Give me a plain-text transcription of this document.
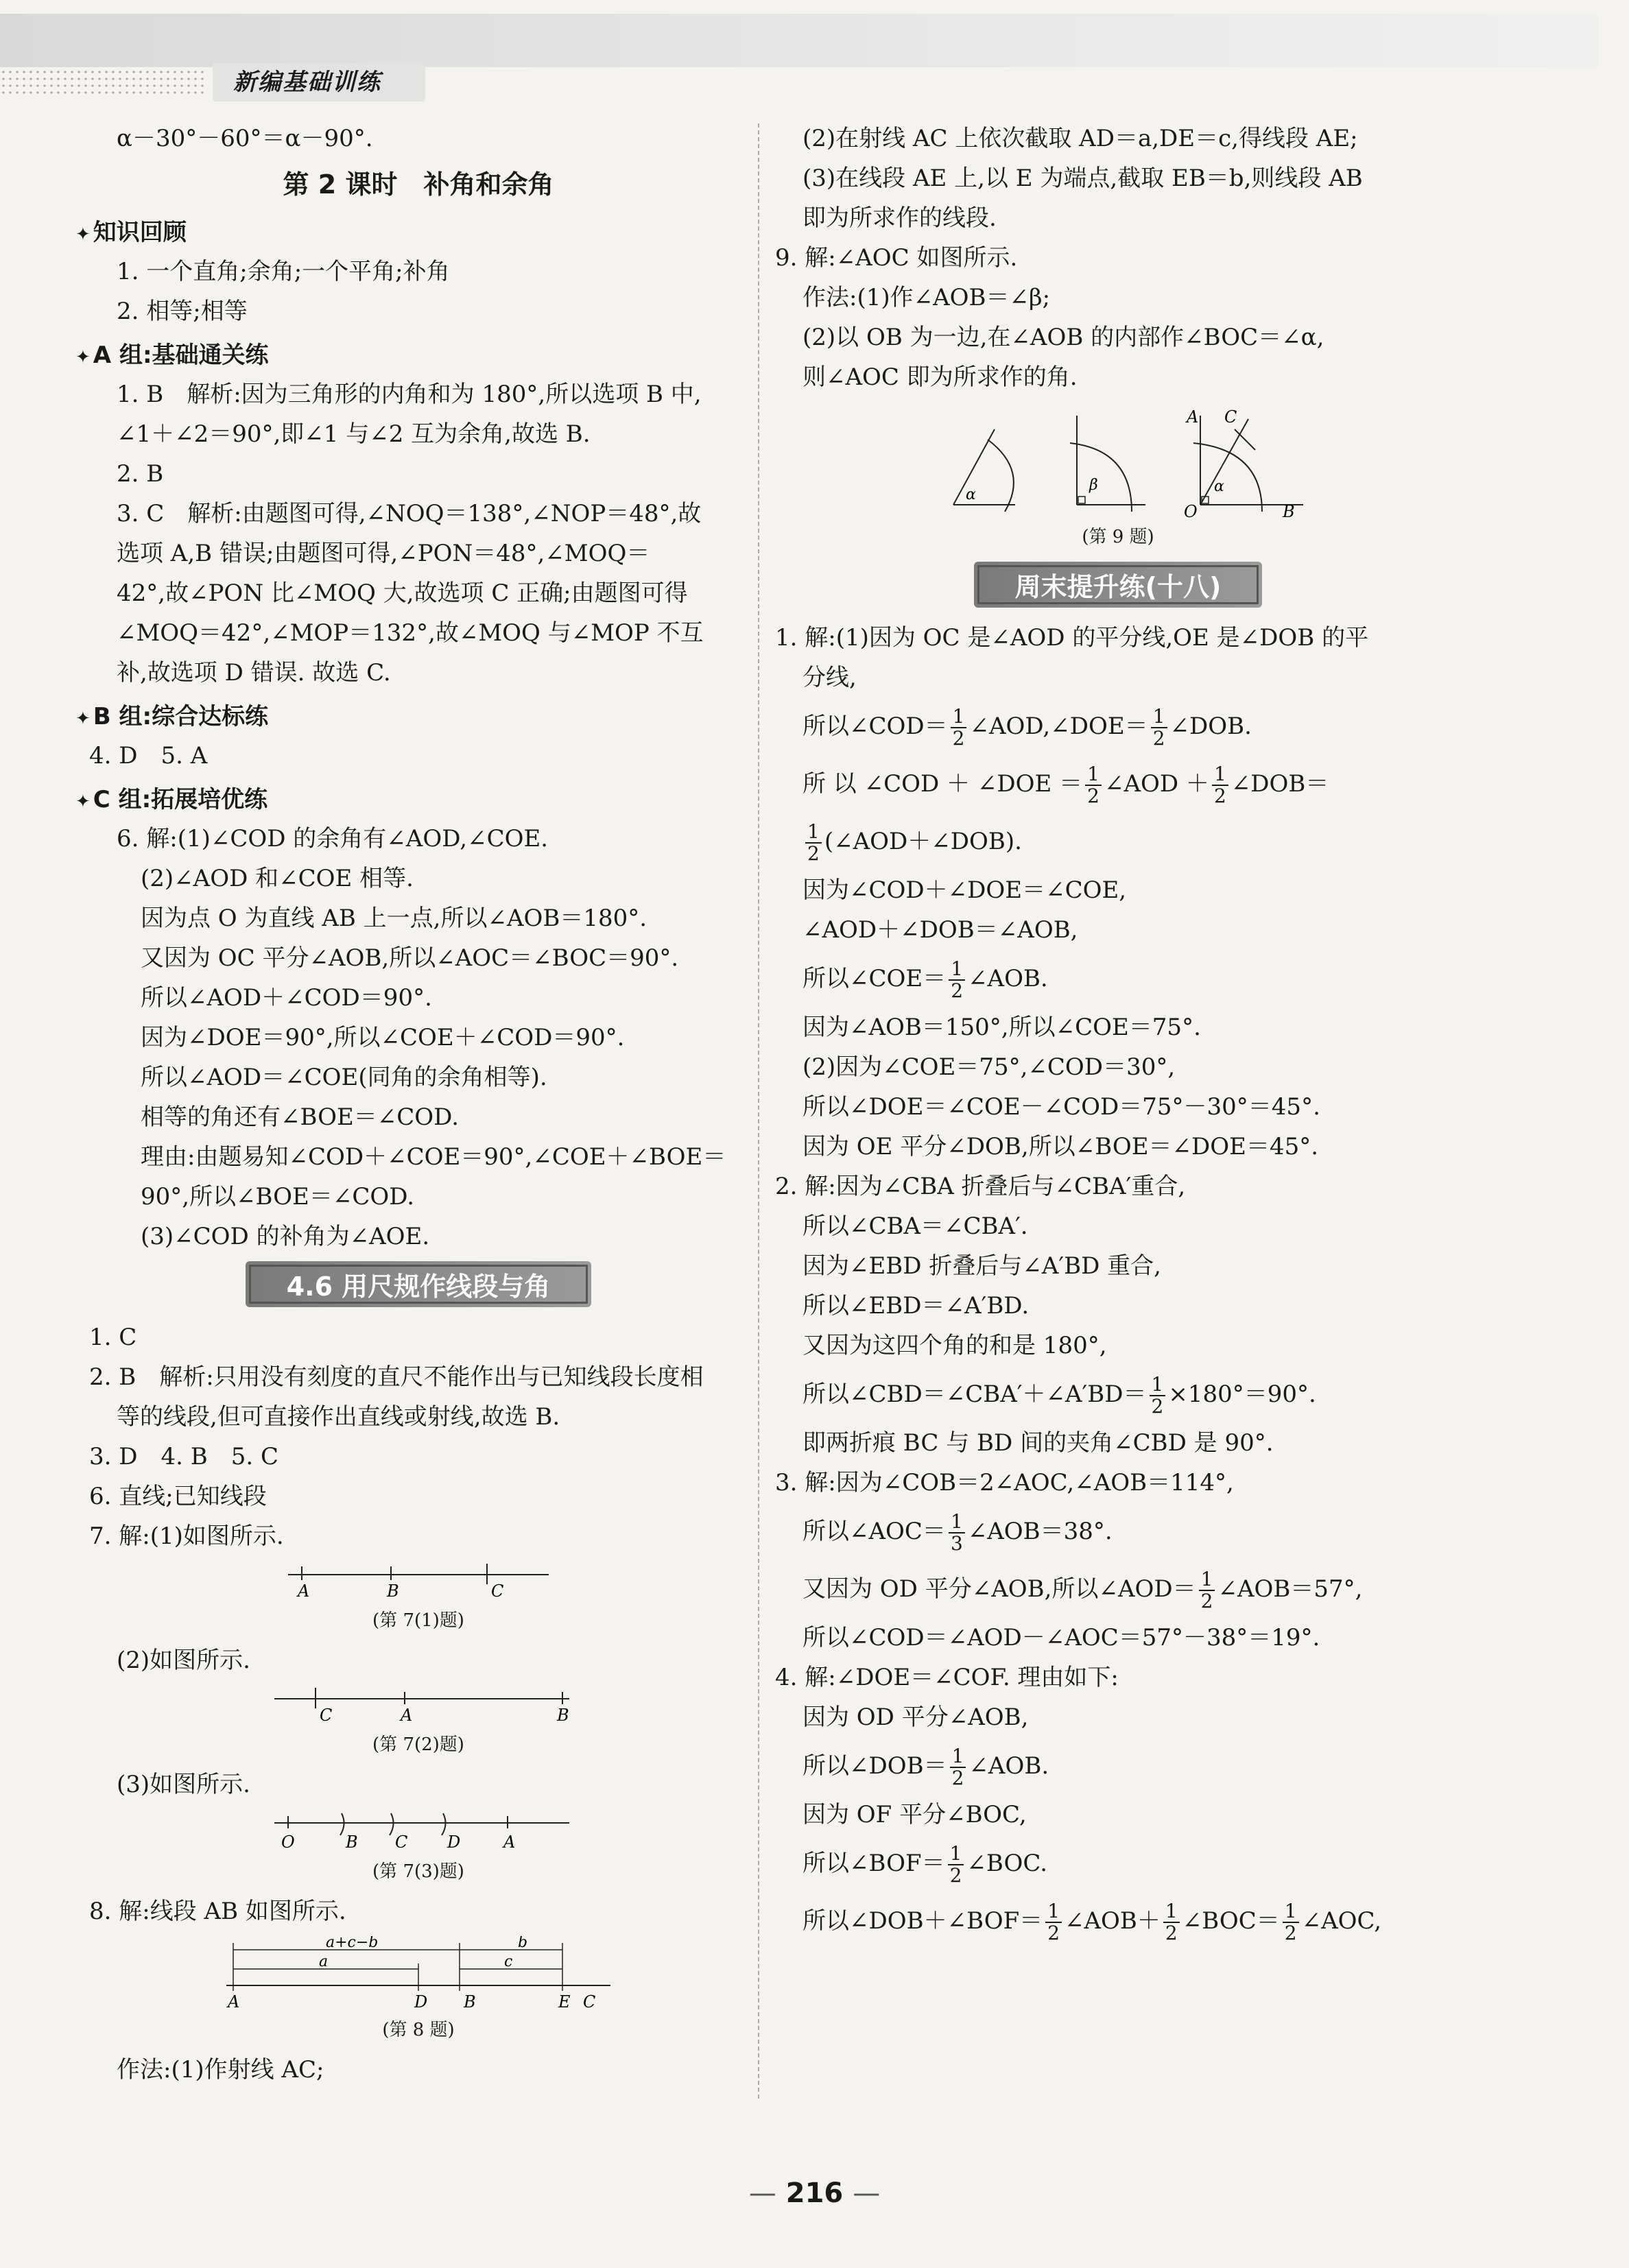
新编基础训练

α－30°－60°＝α－90°.

第 2 课时　补角和余角
✦ 知识回顾

1. 一个直角;余角;一个平角;补角

2. 相等;相等

✦ A 组:基础通关练

1. B　解析:因为三角形的内角和为 180°,所以选项 B 中,

∠1＋∠2＝90°,即∠1 与∠2 互为余角,故选 B.

2. B

3. C　解析:由题图可得,∠NOQ＝138°,∠NOP＝48°,故

选项 A,B 错误;由题图可得,∠PON＝48°,∠MOQ＝

42°,故∠PON 比∠MOQ 大,故选项 C 正确;由题图可得

∠MOQ＝42°,∠MOP＝132°,故∠MOQ 与∠MOP 不互

补,故选项 D 错误. 故选 C.

✦ B 组:综合达标练

4. D　5. A

✦ C 组:拓展培优练

6. 解:(1)∠COD 的余角有∠AOD,∠COE.

(2)∠AOD 和∠COE 相等.

因为点 O 为直线 AB 上一点,所以∠AOB＝180°.

又因为 OC 平分∠AOB,所以∠AOC＝∠BOC＝90°.

所以∠AOD＋∠COD＝90°.

因为∠DOE＝90°,所以∠COE＋∠COD＝90°.

所以∠AOD＝∠COE(同角的余角相等).

相等的角还有∠BOE＝∠COD.

理由:由题易知∠COD＋∠COE＝90°,∠COE＋∠BOE＝

90°,所以∠BOE＝∠COD.

(3)∠COD 的补角为∠AOE.

4.6 用尺规作线段与角

1. C

2. B　解析:只用没有刻度的直尺不能作出与已知线段长度相

等的线段,但可直接作出直线或射线,故选 B.

3. D　4. B　5. C

6. 直线;已知线段

7. 解:(1)如图所示.

A	B	C
(第 7(1)题)

(2)如图所示.

C	A	B
(第 7(2)题)

(3)如图所示.

O	B C D	A
(第 7(3)题)

8. 解:线段 AB 如图所示.

a+c−b	b
a	c
A	D B	E C
(第 8 题)

作法:(1)作射线 AC;

(2)在射线 AC 上依次截取 AD＝a,DE＝c,得线段 AE;

(3)在线段 AE 上,以 E 为端点,截取 EB＝b,则线段 AB

即为所求作的线段.

9. 解:∠AOC 如图所示.

作法:(1)作∠AOB＝∠β;

(2)以 OB 为一边,在∠AOB 的内部作∠BOC＝∠α,

则∠AOC 即为所求作的角.

α
β	α
A C
O	B
(第 9 题)
周末提升练(十八)

1. 解:(1)因为 OC 是∠AOD 的平分线,OE 是∠DOB 的平

分线,

所以∠COD＝ $\frac{1}{2}$ ∠AOD,∠DOE＝ $\frac{1}{2}$ ∠DOB.

所 以 ∠COD ＋ ∠DOE ＝ $\frac{1}{2}$ ∠AOD ＋ $\frac{1}{2}$ ∠DOB＝

$\frac{1}{2}$ (∠AOD＋∠DOB).

因为∠COD＋∠DOE＝∠COE,

∠AOD＋∠DOB＝∠AOB,

所以∠COE＝ $\frac{1}{2}$ ∠AOB.

因为∠AOB＝150°,所以∠COE＝75°.

(2)因为∠COE＝75°,∠COD＝30°,

所以∠DOE＝∠COE－∠COD＝75°－30°＝45°.

因为 OE 平分∠DOB,所以∠BOE＝∠DOE＝45°.

2. 解:因为∠CBA 折叠后与∠CBA′重合,

所以∠CBA＝∠CBA′.

因为∠EBD 折叠后与∠A′BD 重合,

所以∠EBD＝∠A′BD.

又因为这四个角的和是 180°,

所以∠CBD＝∠CBA′＋∠A′BD＝ $\frac{1}{2} \times 180^\circ=90^\circ$.

即两折痕 BC 与 BD 间的夹角∠CBD 是 90°.

3. 解:因为∠COB＝2∠AOC,∠AOB＝114°,

所以∠AOC＝ $\frac{1}{3}$ ∠AOB＝38°.

又因为 OD 平分∠AOB,所以∠AOD＝ $\frac{1}{2}$ ∠AOB＝57°,

所以∠COD＝∠AOD－∠AOC＝57°－38°＝19°.

4. 解:∠DOE＝∠COF. 理由如下:

因为 OD 平分∠AOB,

所以∠DOB＝ $\frac{1}{2}$ ∠AOB.

因为 OF 平分∠BOC,

所以∠BOF＝ $\frac{1}{2}$ ∠BOC.

所以∠DOB＋∠BOF＝ $\frac{1}{2}$ ∠AOB＋ $\frac{1}{2}$ ∠BOC＝ $\frac{1}{2}$ ∠AOC,

— 216 —
